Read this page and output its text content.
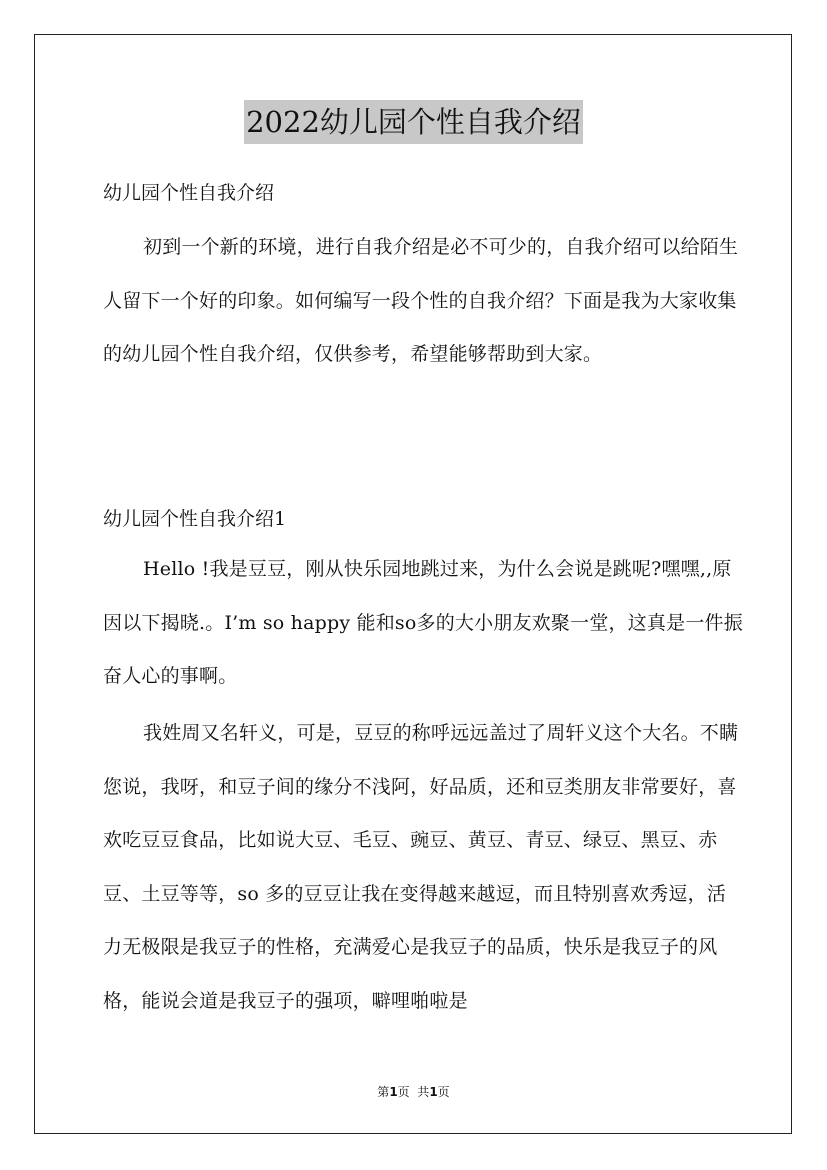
2022幼儿园个性自我介绍
幼儿园个性自我介绍

初到一个新的环境，进行自我介绍是必不可少的，自我介绍可以给陌生人留下一个好的印象。如何编写一段个性的自我介绍？下面是我为大家收集的幼儿园个性自我介绍，仅供参考，希望能够帮助到大家。

幼儿园个性自我介绍1

Hello !我是豆豆，刚从快乐园地跳过来，为什么会说是跳呢?嘿嘿,,原因以下揭晓.。I’m so happy 能和so多的大小朋友欢聚一堂，这真是一件振奋人心的事啊。

我姓周又名轩义，可是，豆豆的称呼远远盖过了周轩义这个大名。不瞒您说，我呀，和豆子间的缘分不浅阿，好品质，还和豆类朋友非常要好，喜欢吃豆豆食品，比如说大豆、毛豆、豌豆、黄豆、青豆、绿豆、黑豆、赤豆、土豆等等，so 多的豆豆让我在变得越来越逗，而且特别喜欢秀逗，活力无极限是我豆子的性格，充满爱心是我豆子的品质，快乐是我豆子的风格，能说会道是我豆子的强项，噼哩啪啦是

第1页  共1页
